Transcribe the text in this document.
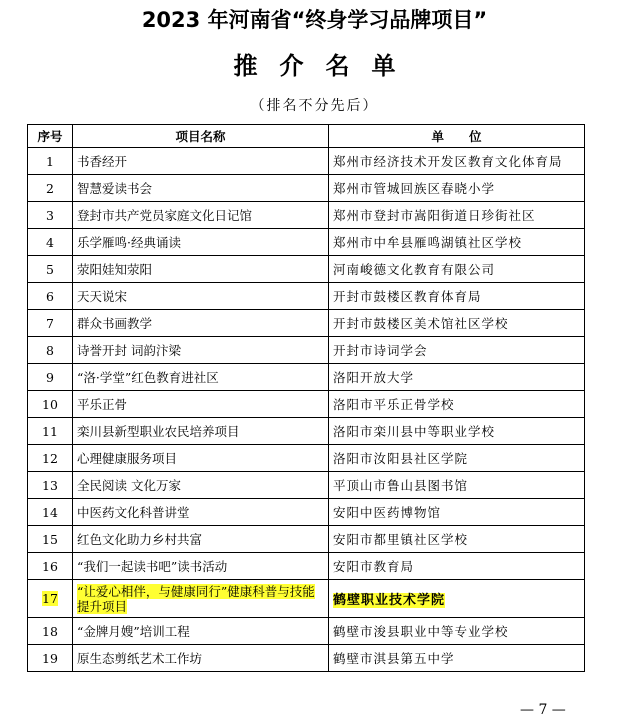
2023 年河南省“终身学习品牌项目”
推介名单
（排名不分先后）
序号	项目名称	单　　位
1	书香经开	郑州市经济技术开发区教育文化体育局
2	智慧爱读书会	郑州市管城回族区春晓小学
3	登封市共产党员家庭文化日记馆	郑州市登封市嵩阳街道日珍街社区
4	乐学雁鸣·经典诵读	郑州市中牟县雁鸣湖镇社区学校
5	荥阳娃知荥阳	河南峻德文化教育有限公司
6	天天说宋	开封市鼓楼区教育体育局
7	群众书画教学	开封市鼓楼区美术馆社区学校
8	诗誉开封 词韵汴梁	开封市诗词学会
9	“洛·学堂”红色教育进社区	洛阳开放大学
10	平乐正骨	洛阳市平乐正骨学校
11	栾川县新型职业农民培养项目	洛阳市栾川县中等职业学校
12	心理健康服务项目	洛阳市汝阳县社区学院
13	全民阅读 文化万家	平顶山市鲁山县图书馆
14	中医药文化科普讲堂	安阳中医药博物馆
15	红色文化助力乡村共富	安阳市都里镇社区学校
16	“我们一起读书吧”读书活动	安阳市教育局
17	“让爱心相伴，与健康同行”健康科普与技能提升项目	鹤壁职业技术学院
18	“金牌月嫂”培训工程	鹤壁市浚县职业中等专业学校
19	原生态剪纸艺术工作坊	鹤壁市淇县第五中学
— 7 —
